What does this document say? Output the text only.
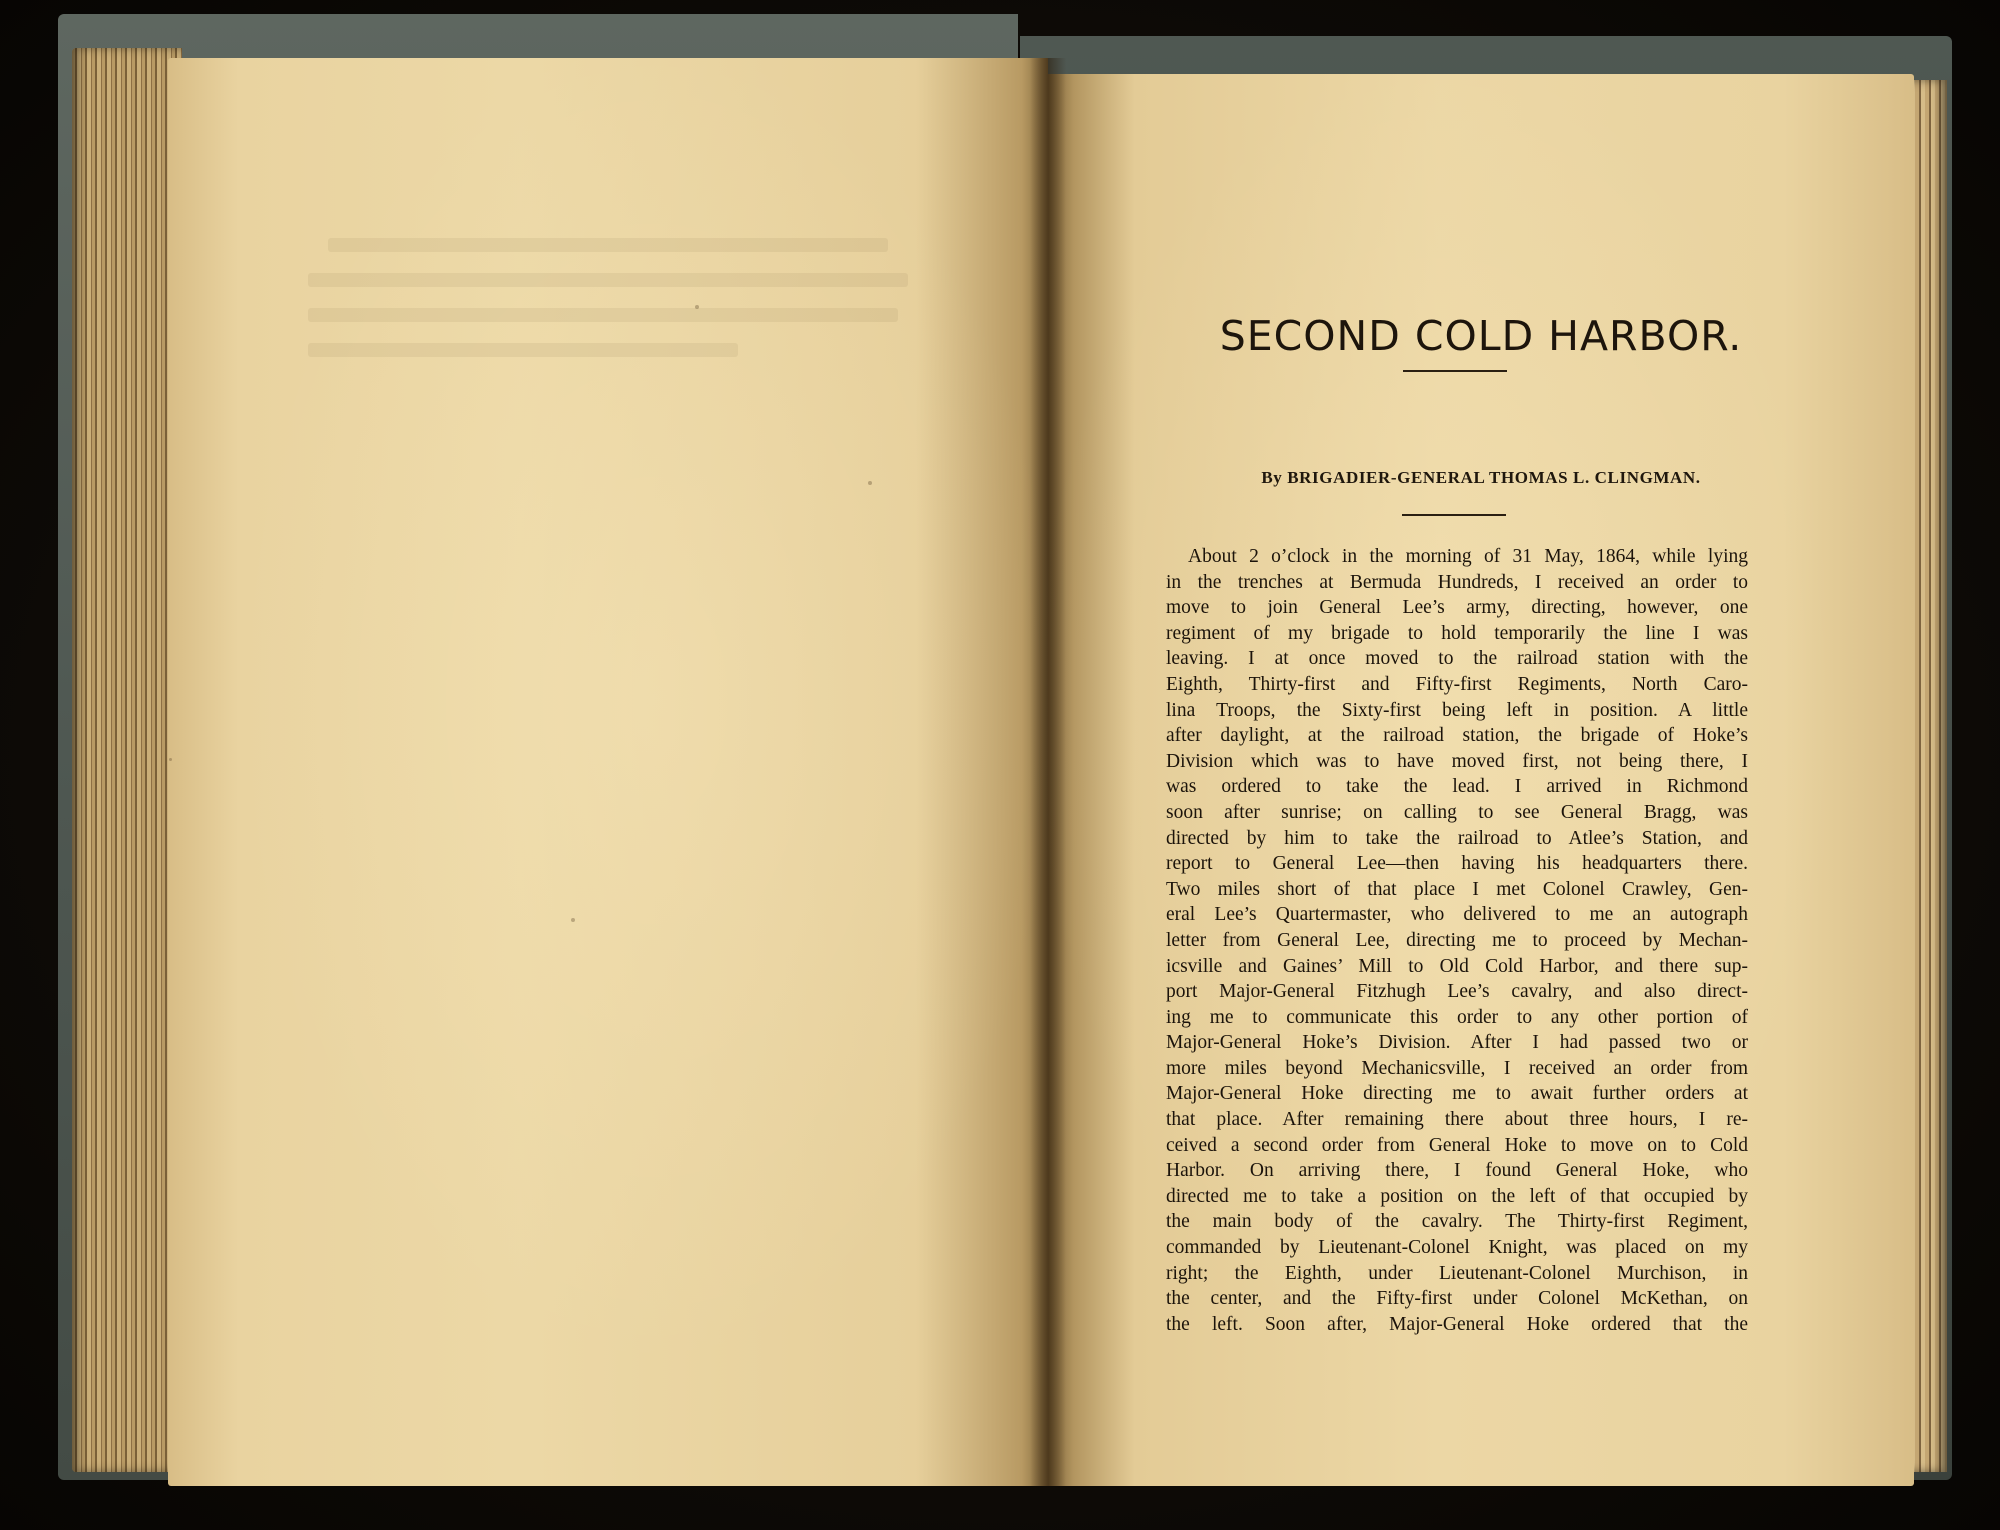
SECOND COLD HARBOR.
By BRIGADIER-GENERAL THOMAS L. CLINGMAN.
About 2 o’clock in the morning of 31 May, 1864, while lying
in the trenches at Bermuda Hundreds, I received an order to
move to join General Lee’s army, directing, however, one
regiment of my brigade to hold temporarily the line I was
leaving. I at once moved to the railroad station with the
Eighth, Thirty-first and Fifty-first Regiments, North Caro-
lina Troops, the Sixty-first being left in position. A little
after daylight, at the railroad station, the brigade of Hoke’s
Division which was to have moved first, not being there, I
was ordered to take the lead. I arrived in Richmond
soon after sunrise; on calling to see General Bragg, was
directed by him to take the railroad to Atlee’s Station, and
report to General Lee—then having his headquarters there.
Two miles short of that place I met Colonel Crawley, Gen-
eral Lee’s Quartermaster, who delivered to me an autograph
letter from General Lee, directing me to proceed by Mechan-
icsville and Gaines’ Mill to Old Cold Harbor, and there sup-
port Major-General Fitzhugh Lee’s cavalry, and also direct-
ing me to communicate this order to any other portion of
Major-General Hoke’s Division. After I had passed two or
more miles beyond Mechanicsville, I received an order from
Major-General Hoke directing me to await further orders at
that place. After remaining there about three hours, I re-
ceived a second order from General Hoke to move on to Cold
Harbor. On arriving there, I found General Hoke, who
directed me to take a position on the left of that occupied by
the main body of the cavalry. The Thirty-first Regiment,
commanded by Lieutenant-Colonel Knight, was placed on my
right; the Eighth, under Lieutenant-Colonel Murchison, in
the center, and the Fifty-first under Colonel McKethan, on
the left. Soon after, Major-General Hoke ordered that the
